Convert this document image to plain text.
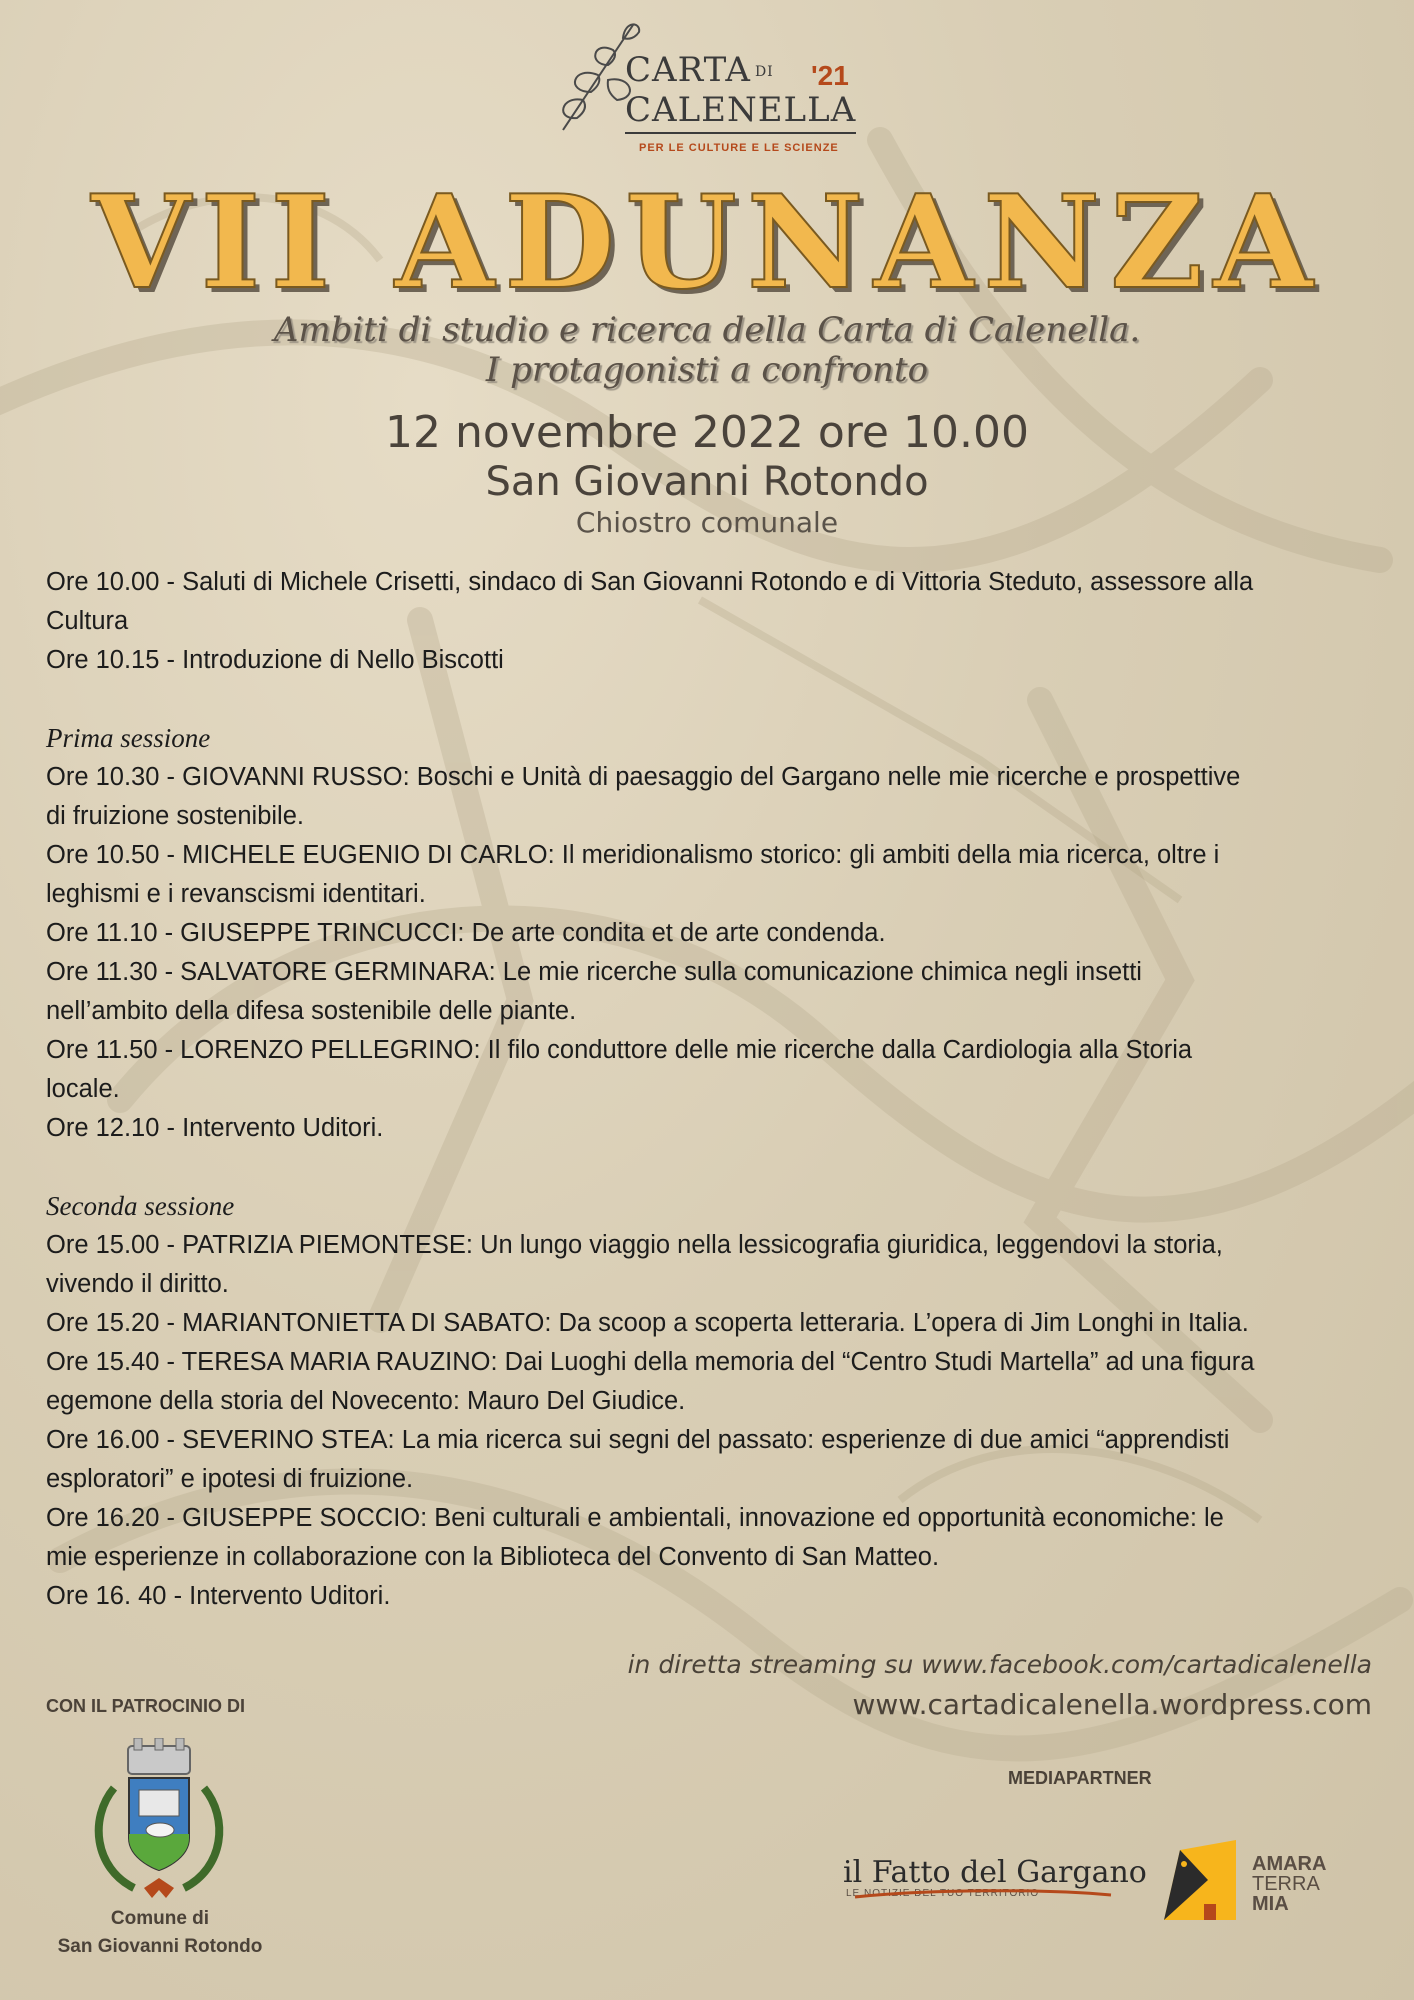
CARTA DI
CALENELLA
'21
PER LE CULTURE E LE SCIENZE
VII ADUNANZA
Ambiti di studio e ricerca della Carta di Calenella.
I protagonisti a confronto
12 novembre 2022 ore 10.00
San Giovanni Rotondo
Chiostro comunale
Ore 10.00 - Saluti di Michele Crisetti, sindaco di San Giovanni Rotondo e di Vittoria Steduto, assessore alla
Cultura
Ore 10.15 - Introduzione di Nello Biscotti
Prima sessione
Ore 10.30 - GIOVANNI RUSSO: Boschi e Unità di paesaggio del Gargano nelle mie ricerche e prospettive
di fruizione sostenibile.
Ore 10.50 - MICHELE EUGENIO DI CARLO: Il meridionalismo storico: gli ambiti della mia ricerca, oltre i
leghismi e i revanscismi identitari.
Ore 11.10 - GIUSEPPE TRINCUCCI: De arte condita et de arte condenda.
Ore 11.30 - SALVATORE GERMINARA: Le mie ricerche sulla comunicazione chimica negli insetti
nell’ambito della difesa sostenibile delle piante.
Ore 11.50 - LORENZO PELLEGRINO: Il filo conduttore delle mie ricerche dalla Cardiologia alla Storia
locale.
Ore 12.10 - Intervento Uditori.
Seconda sessione
Ore 15.00 - PATRIZIA PIEMONTESE: Un lungo viaggio nella lessicografia giuridica, leggendovi la storia,
vivendo il diritto.
Ore 15.20 - MARIANTONIETTA DI SABATO: Da scoop a scoperta letteraria. L’opera di Jim Longhi in Italia.
Ore 15.40 - TERESA MARIA RAUZINO: Dai Luoghi della memoria del “Centro Studi Martella” ad una figura
egemone della storia del Novecento: Mauro Del Giudice.
Ore 16.00 - SEVERINO STEA: La mia ricerca sui segni del passato: esperienze di due amici “apprendisti
esploratori” e ipotesi di fruizione.
Ore 16.20 - GIUSEPPE SOCCIO: Beni culturali e ambientali, innovazione ed opportunità economiche: le
mie esperienze in collaborazione con la Biblioteca del Convento di San Matteo.
Ore 16. 40 - Intervento Uditori.
in diretta streaming su www.facebook.com/cartadicalenella
www.cartadicalenella.wordpress.com
CON IL PATROCINIO DI
Comune di
San Giovanni Rotondo
MEDIAPARTNER
il Fatto del Gargano
LE NOTIZIE DEL TUO TERRITORIO
AMARA
TERRA
MIA
